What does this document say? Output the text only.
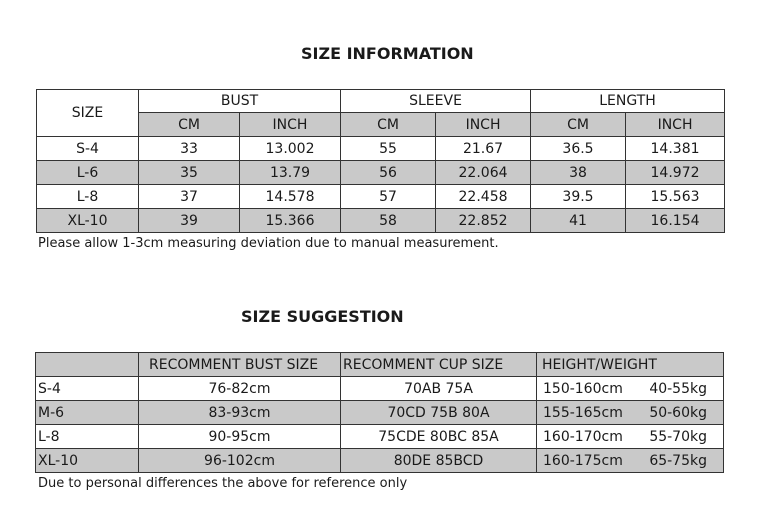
SIZE INFORMATION
SIZE	BUST		SLEEVE		LENGTH	
	CM	INCH	CM	INCH	CM	INCH
S-4	33	13.002	55	21.67	36.5	14.381
L-6	35	13.79	56	22.064	38	14.972
L-8	37	14.578	57	22.458	39.5	15.563
XL-10	39	15.366	58	22.852	41	16.154
Please allow 1-3cm measuring deviation due to manual measurement.
SIZE SUGGESTION
	RECOMMENT BUST SIZE	RECOMMENT CUP SIZE	HEIGHT/WEIGHT
S-4	76-82cm	70AB 75A	150-160cm 40-55kg

M-6	83-93cm	70CD 75B 80A	155-165cm 50-60kg

L-8	90-95cm	75CDE 80BC 85A	160-170cm 55-70kg

XL-10	96-102cm	80DE 85BCD	160-175cm 65-75kg
Due to personal differences the above for reference only
